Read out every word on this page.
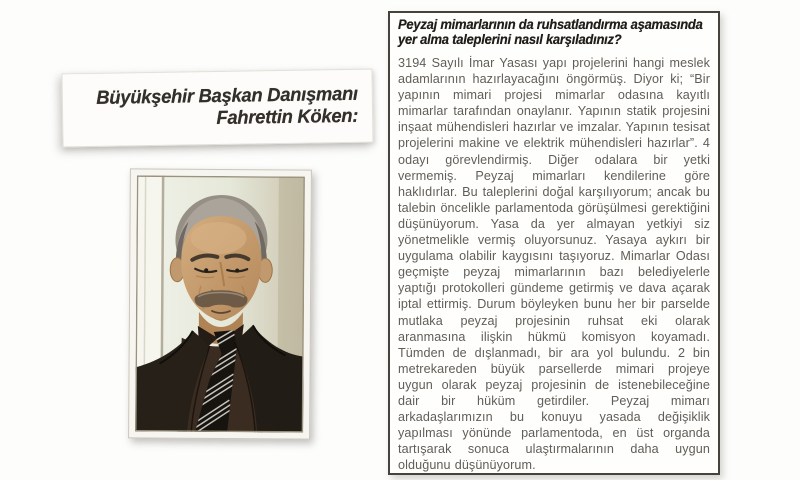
Büyükşehir Başkan Danışmanı
Fahrettin Köken:
Peyzaj mimarlarının da ruhsatlandırma aşamasında
yer alma taleplerini nasıl karşıladınız?

3194 Sayılı İmar Yasası yapı projelerini hangi meslek adamlarının hazırlayacağını öngörmüş. Diyor ki; “Bir yapının mimari projesi mimarlar odasına kayıtlı mimarlar tarafından onaylanır. Yapının statik projesini inşaat mühendisleri hazırlar ve imzalar. Yapının tesisat projelerini makine ve elektrik mühendisleri hazırlar”. 4 odayı görevlendirmiş. Diğer odalara bir yetki vermemiş. Peyzaj mimarları kendilerine göre haklıdırlar. Bu taleplerini doğal karşılıyorum; ancak bu talebin öncelikle parlamentoda görüşülmesi gerektiğini düşünüyorum. Yasa da yer almayan yetkiyi siz yönetmelikle vermiş oluyorsunuz. Yasaya aykırı bir uygulama olabilir kaygısını taşıyoruz. Mimarlar Odası geçmişte peyzaj mimarlarının bazı belediyelerle yaptığı protokolleri gündeme getirmiş ve dava açarak iptal ettirmiş. Durum böyleyken bunu her bir parselde mutlaka peyzaj projesinin ruhsat eki olarak aranmasına ilişkin hükmü komisyon koyamadı. Tümden de dışlanmadı, bir ara yol bulundu. 2 bin metrekareden büyük parsellerde mimari projeye uygun olarak peyzaj projesinin de istenebileceğine dair bir hüküm getirdiler. Peyzaj mimarı arkadaşlarımızın bu konuyu yasada değişiklik yapılması yönünde parlamentoda, en üst organda tartışarak sonuca ulaştırmalarının daha uygun olduğunu düşünüyorum.
